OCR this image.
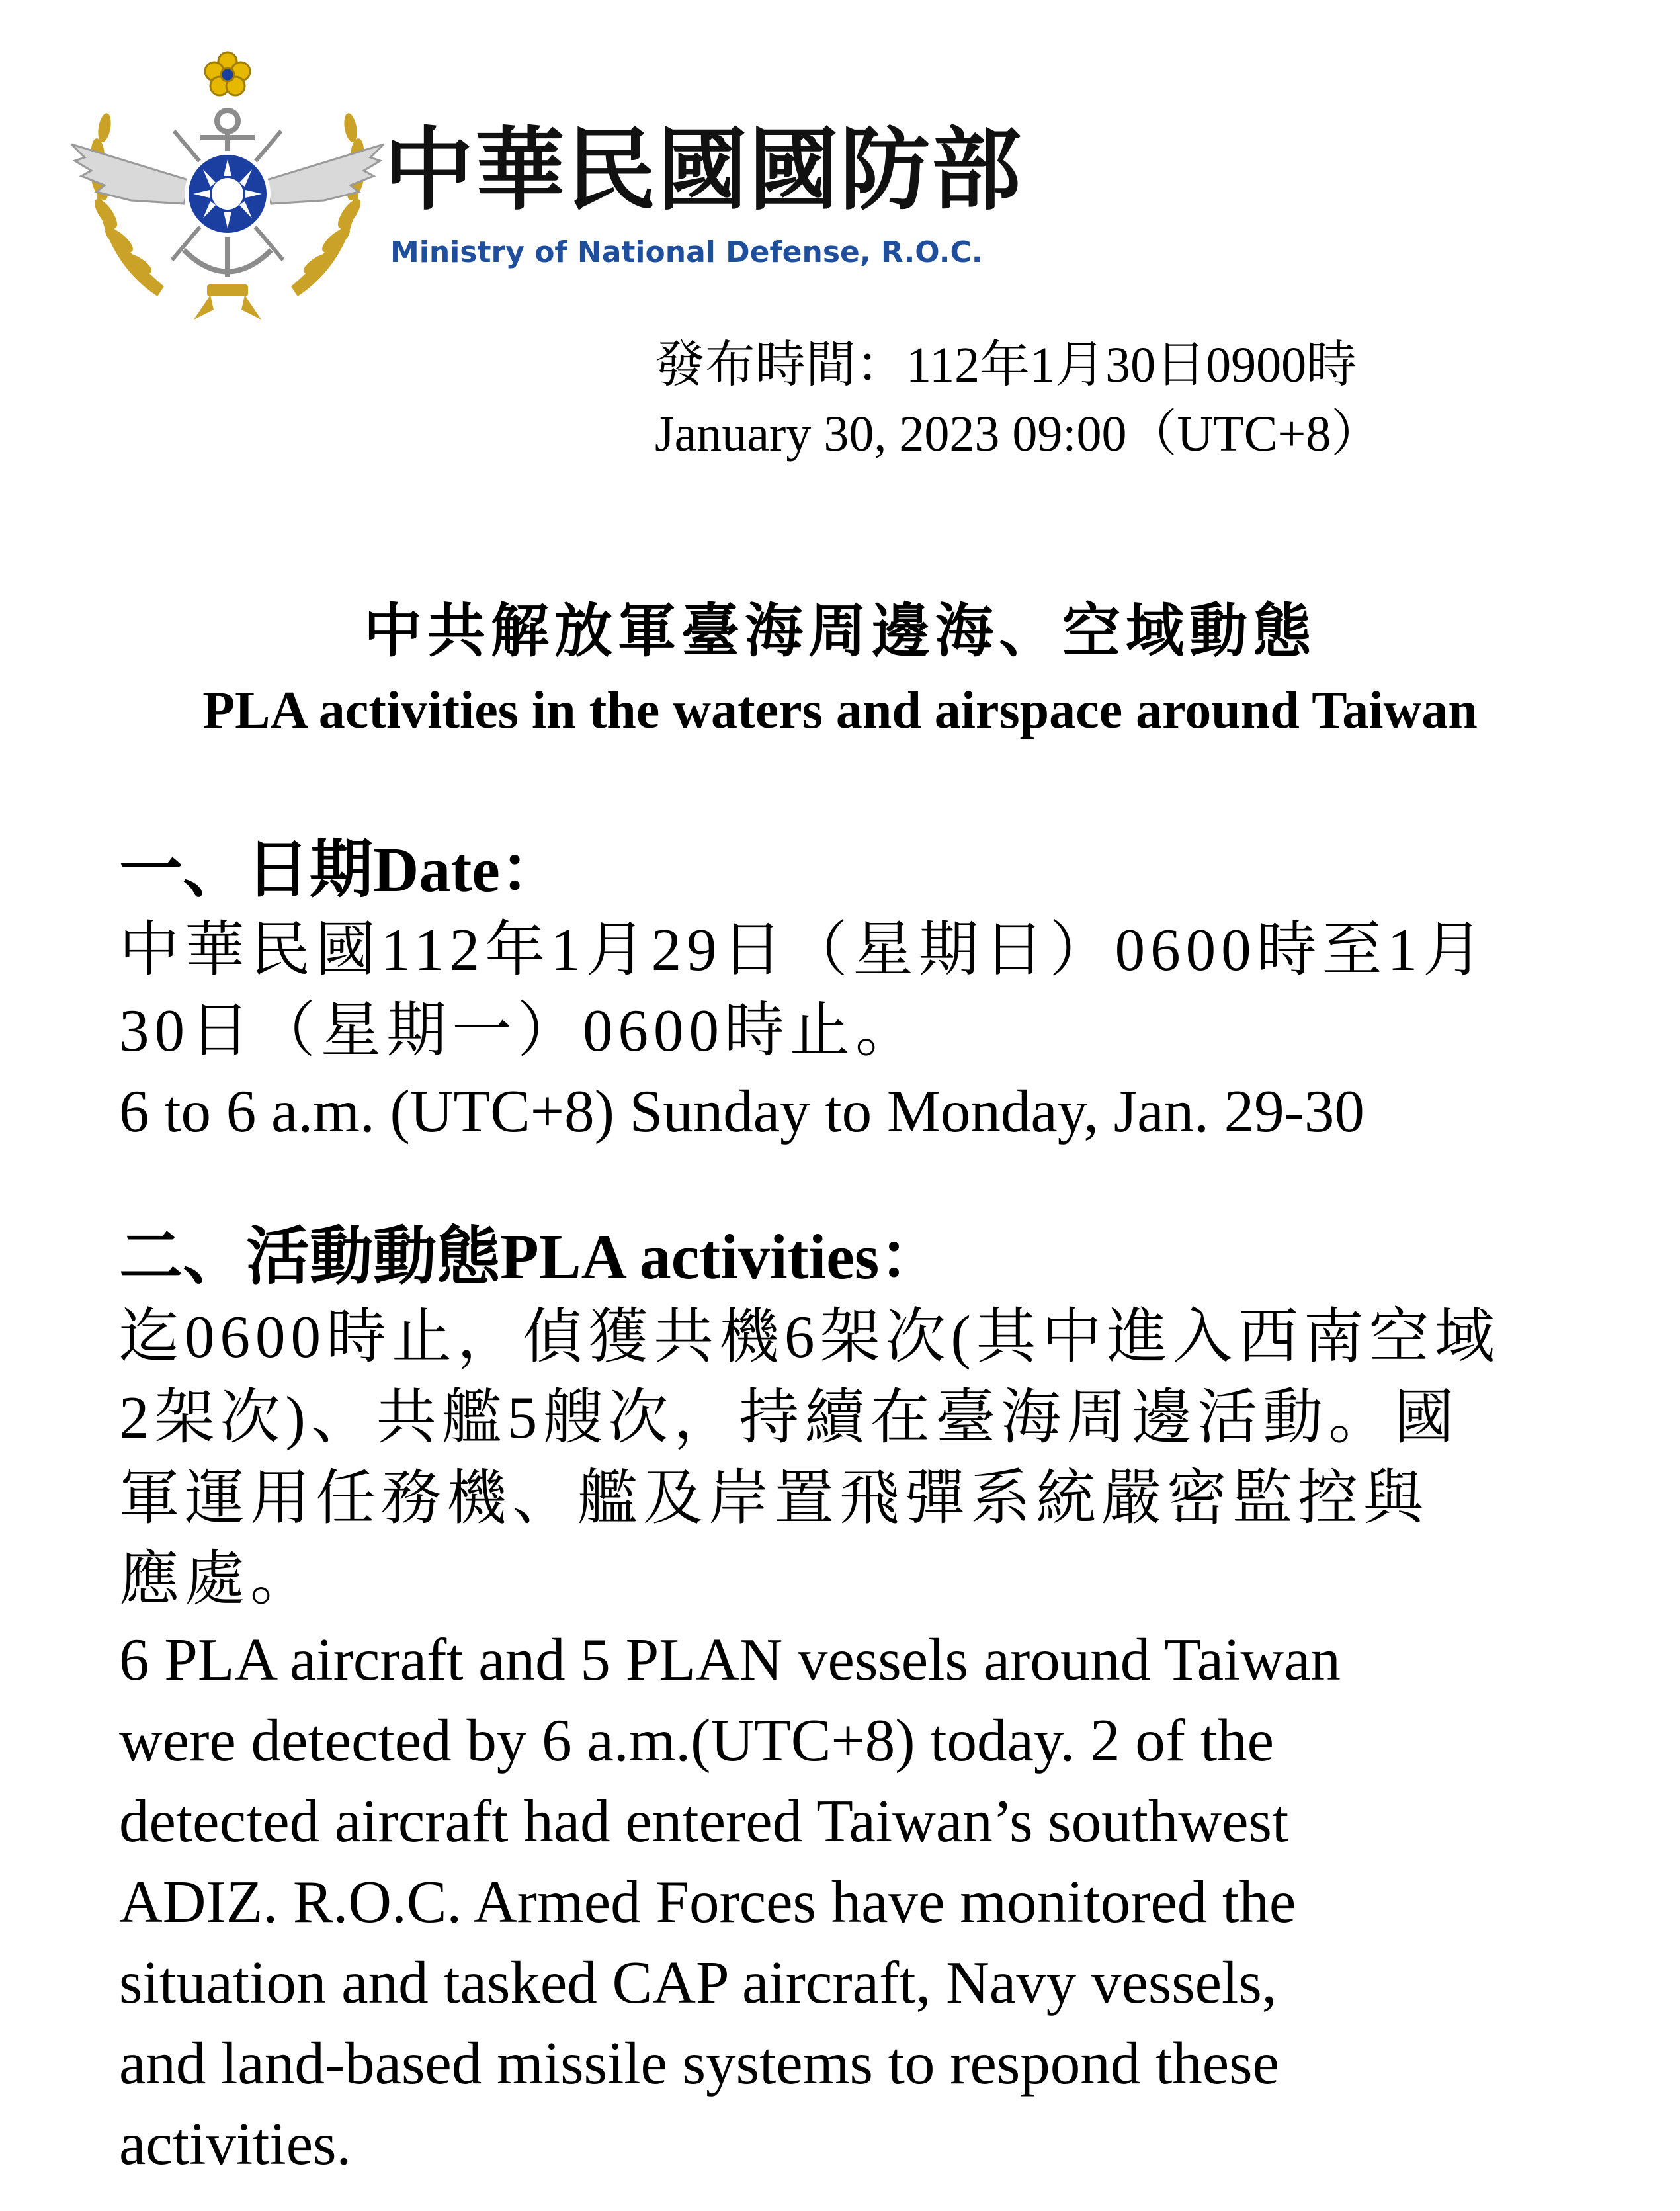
中華民國國防部
Ministry of National Defense, R.O.C.
發布時間：112年1月30日0900時
January 30, 2023 09:00（UTC+8）
中共解放軍臺海周邊海、空域動態
PLA activities in the waters and airspace around Taiwan
一、日期Date：
中華民國112年1月29日（星期日）0600時至1月
30日（星期一）0600時止。
6 to 6 a.m. (UTC+8) Sunday to Monday, Jan. 29-30
二、活動動態PLA activities：
迄0600時止，偵獲共機6架次(其中進入西南空域
2架次)、共艦5艘次，持續在臺海周邊活動。國
軍運用任務機、艦及岸置飛彈系統嚴密監控與
應處。
6 PLA aircraft and 5 PLAN vessels around Taiwan
were detected by 6 a.m.(UTC+8) today. 2 of the
detected aircraft had entered Taiwan’s southwest
ADIZ. R.O.C. Armed Forces have monitored the
situation and tasked CAP aircraft, Navy vessels,
and land-based missile systems to respond these
activities.
